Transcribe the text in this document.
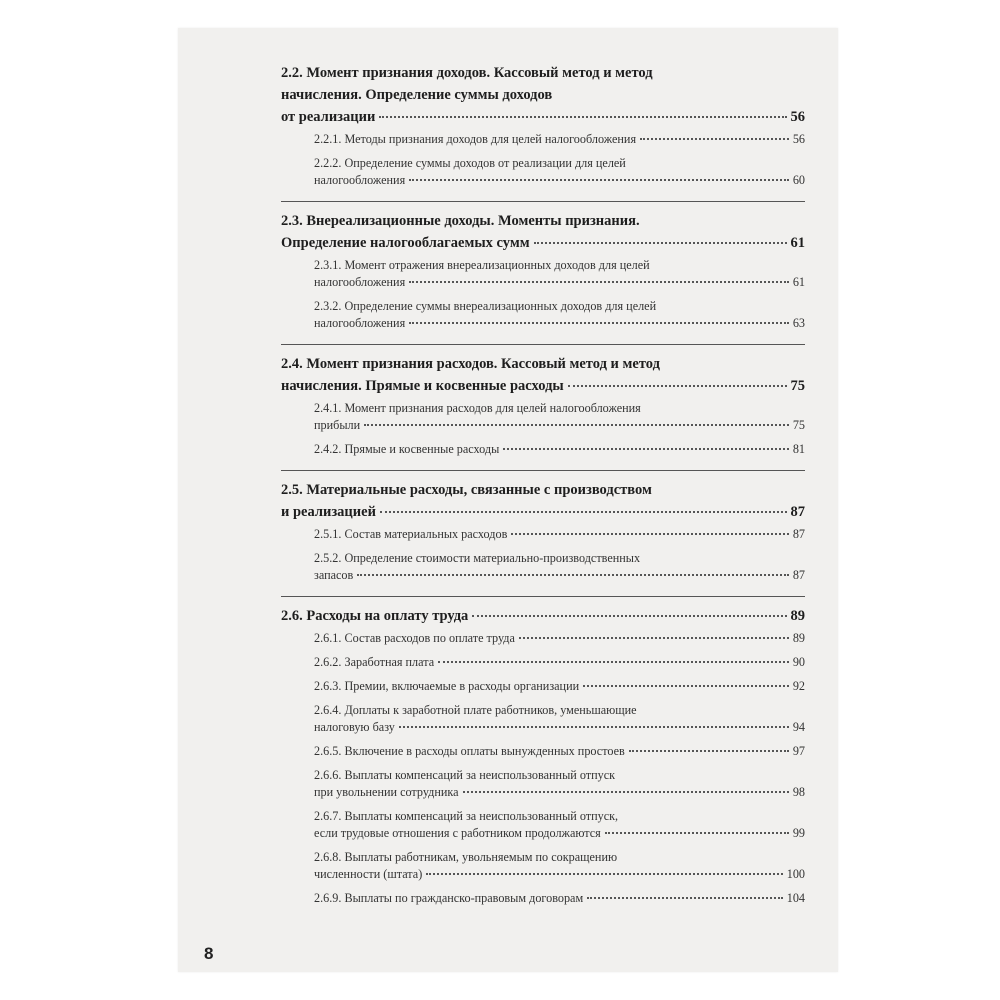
2.2. Момент признания доходов. Кассовый метод и метод
начисления. Определение суммы доходов
от реализации	56
2.2.1. Методы признания доходов для целей налогообложения	56
2.2.2. Определение суммы доходов от реализации для целей
налогообложения	60
2.3. Внереализационные доходы. Моменты признания.
Определение налогооблагаемых сумм	61
2.3.1. Момент отражения внереализационных доходов для целей
налогообложения	61
2.3.2. Определение суммы внереализационных доходов для целей
налогообложения	63
2.4. Момент признания расходов. Кассовый метод и метод
начисления. Прямые и косвенные расходы	75
2.4.1. Момент признания расходов для целей налогообложения
прибыли	75
2.4.2. Прямые и косвенные расходы	81
2.5. Материальные расходы, связанные с производством
и реализацией	87
2.5.1. Состав материальных расходов	87
2.5.2. Определение стоимости материально-производственных
запасов	87
2.6. Расходы на оплату труда	89
2.6.1. Состав расходов по оплате труда	89
2.6.2. Заработная плата	90
2.6.3. Премии, включаемые в расходы организации	92
2.6.4. Доплаты к заработной плате работников, уменьшающие
налоговую базу	94
2.6.5. Включение в расходы оплаты вынужденных простоев	97
2.6.6. Выплаты компенсаций за неиспользованный отпуск
при увольнении сотрудника	98
2.6.7. Выплаты компенсаций за неиспользованный отпуск,
если трудовые отношения с работником продолжаются	99
2.6.8. Выплаты работникам, увольняемым по сокращению
численности (штата)	100
2.6.9. Выплаты по гражданско-правовым договорам	104
8
